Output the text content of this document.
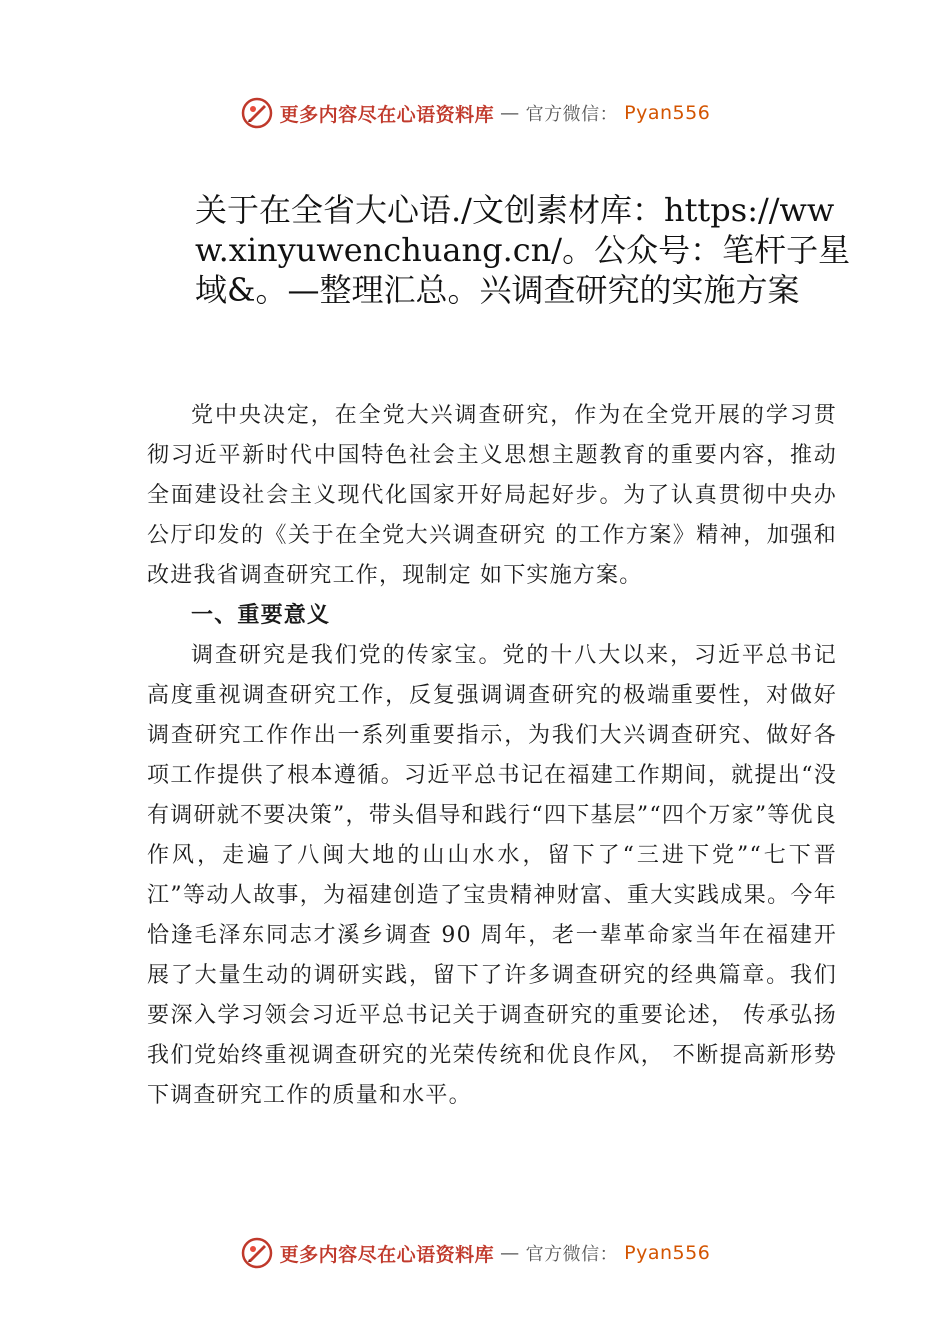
更多内容尽在心语资料库 — 官方微信： Pyan556
关于在全省大心语./文创素材库：https://www.xinyuwenchuang.cn/。公众号：笔杆子星域&。—整理汇总。兴调查研究的实施方案

党中央决定，在全党大兴调查研究，作为在全党开展的学习贯彻习近平新时代中国特色社会主义思想主题教育的重要内容，推动全面建设社会主义现代化国家开好局起好步。为了认真贯彻中央办公厅印发的《关于在全党大兴调查研究 的工作方案》精神，加强和改进我省调查研究工作，现制定 如下实施方案。

一、重要意义

调查研究是我们党的传家宝。党的十八大以来，习近平总书记高度重视调查研究工作，反复强调调查研究的极端重要性，对做好调查研究工作作出一系列重要指示，为我们大兴调查研究、做好各项工作提供了根本遵循。习近平总书记在福建工作期间，就提出“没有调研就不要决策”，带头倡导和践行“四下基层”“四个万家”等优良作风，走遍了八闽大地的山山水水，留下了“三进下党”“七下晋江”等动人故事，为福建创造了宝贵精神财富、重大实践成果。今年恰逢毛泽东同志才溪乡调查 90 周年，老一辈革命家当年在福建开展了大量生动的调研实践，留下了许多调查研究的经典篇章。我们要深入学习领会习近平总书记关于调查研究的重要论述， 传承弘扬我们党始终重视调查研究的光荣传统和优良作风， 不断提高新形势下调查研究工作的质量和水平。

更多内容尽在心语资料库 — 官方微信： Pyan556
